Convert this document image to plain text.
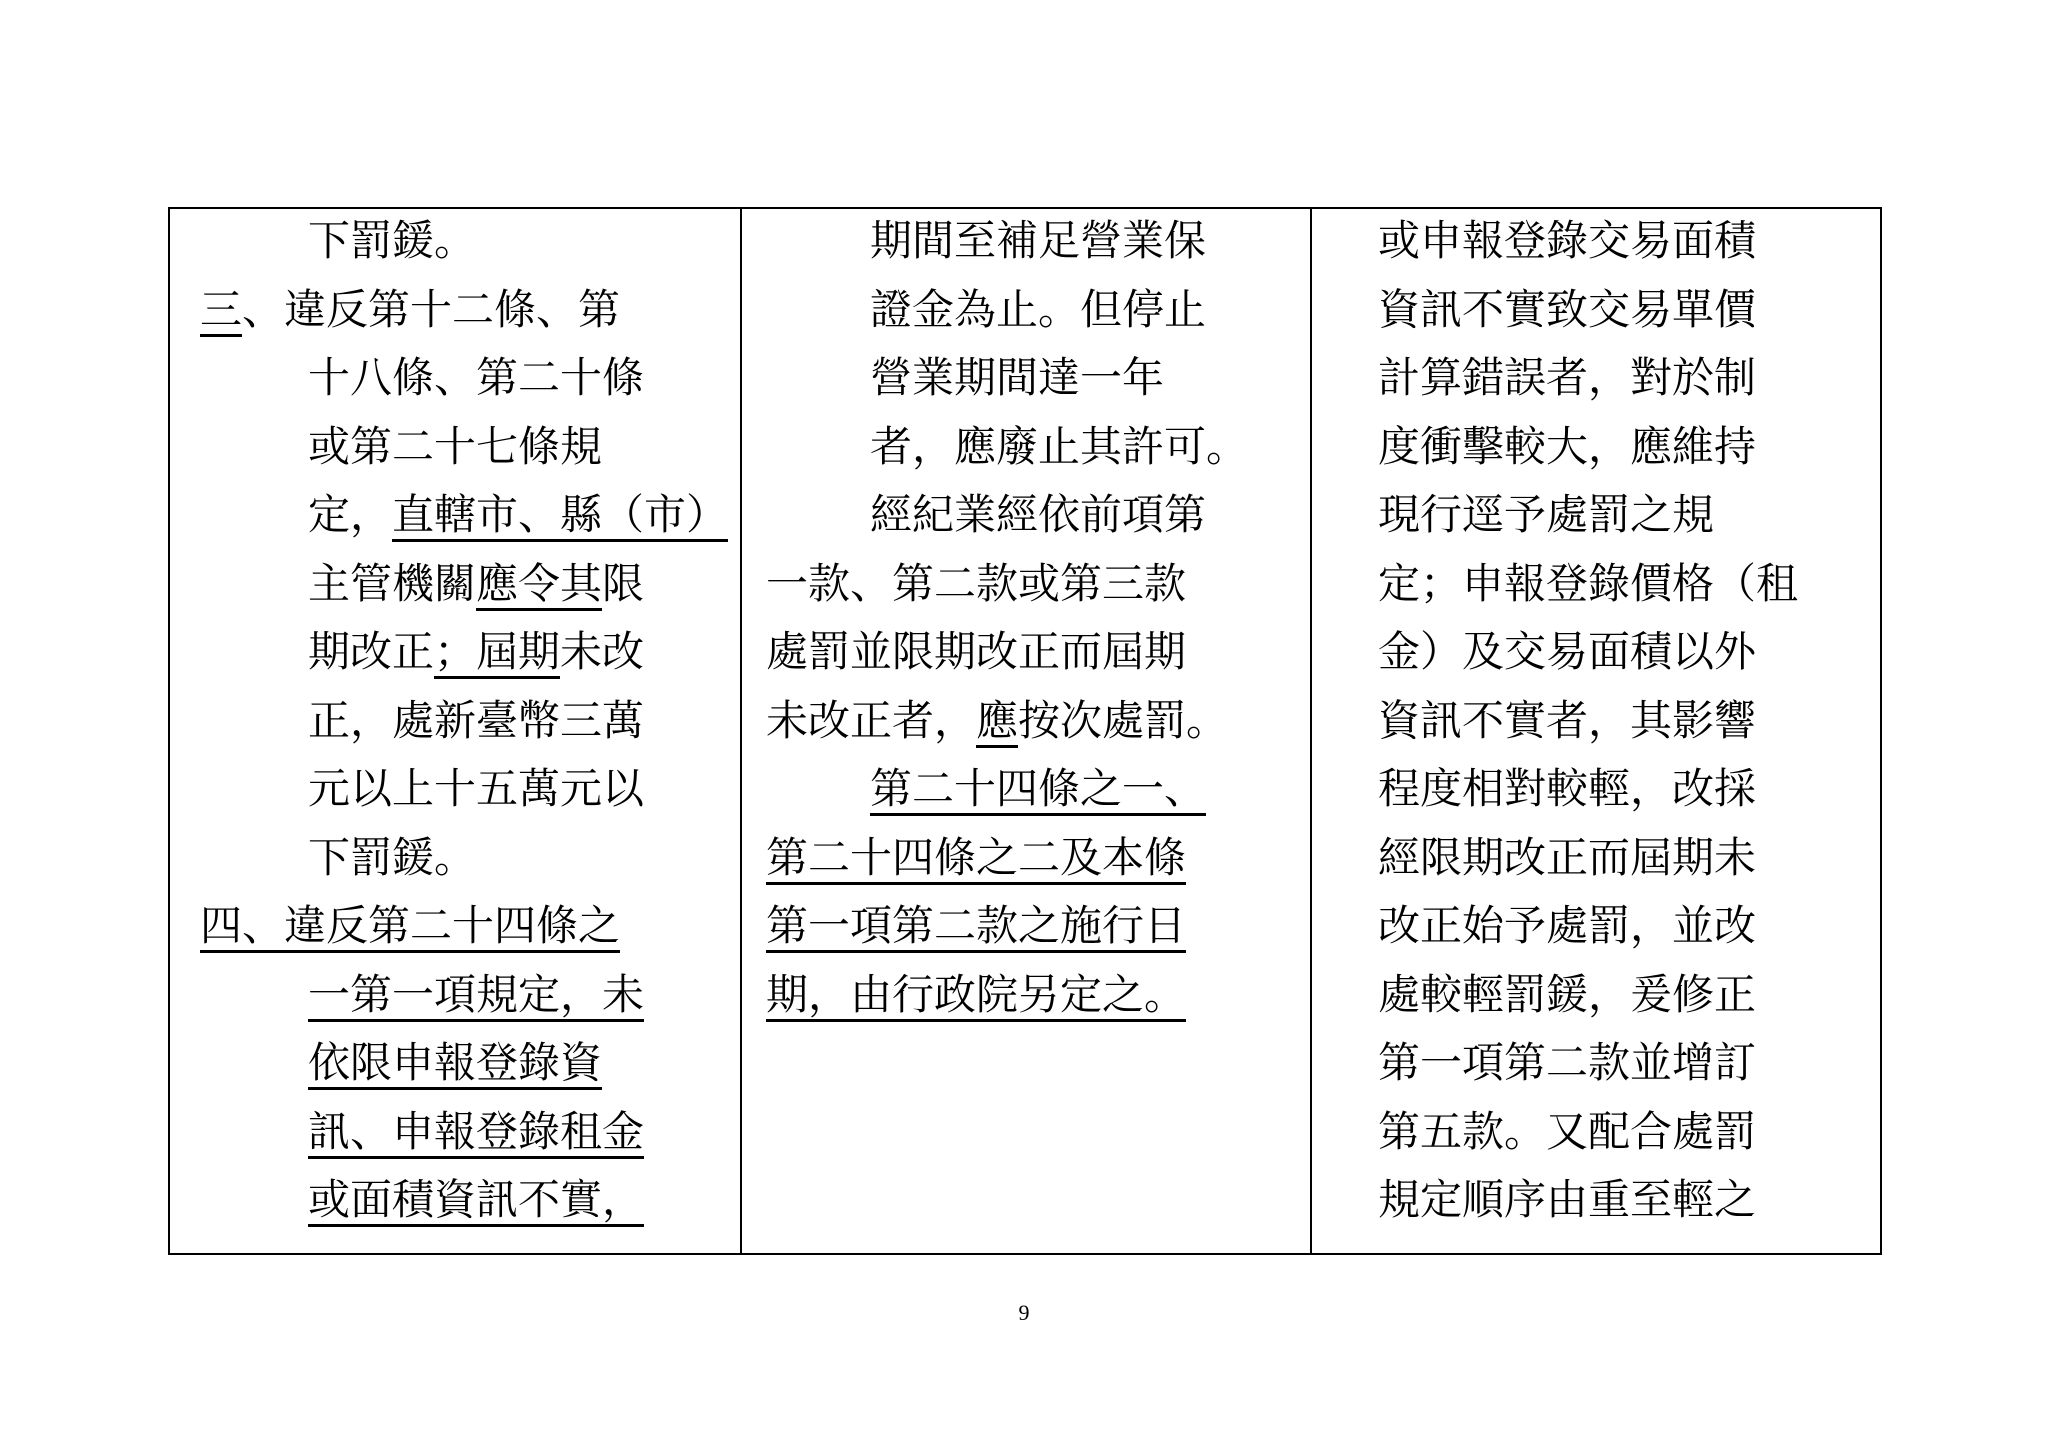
下罰鍰。
三、違反第十二條、第
十八條、第二十條
或第二十七條規
定，直轄市、縣（市）
主管機關應令其限
期改正；屆期未改
正，處新臺幣三萬
元以上十五萬元以
下罰鍰。
四、違反第二十四條之
一第一項規定，未
依限申報登錄資
訊、申報登錄租金
或面積資訊不實，
期間至補足營業保
證金為止。但停止
營業期間達一年
者，應廢止其許可。
經紀業經依前項第
一款、第二款或第三款
處罰並限期改正而屆期
未改正者，應按次處罰。
第二十四條之一、
第二十四條之二及本條
第一項第二款之施行日
期，由行政院另定之。
或申報登錄交易面積
資訊不實致交易單價
計算錯誤者，對於制
度衝擊較大，應維持
現行逕予處罰之規
定；申報登錄價格（租
金）及交易面積以外
資訊不實者，其影響
程度相對較輕，改採
經限期改正而屆期未
改正始予處罰，並改
處較輕罰鍰，爰修正
第一項第二款並增訂
第五款。又配合處罰
規定順序由重至輕之
9
